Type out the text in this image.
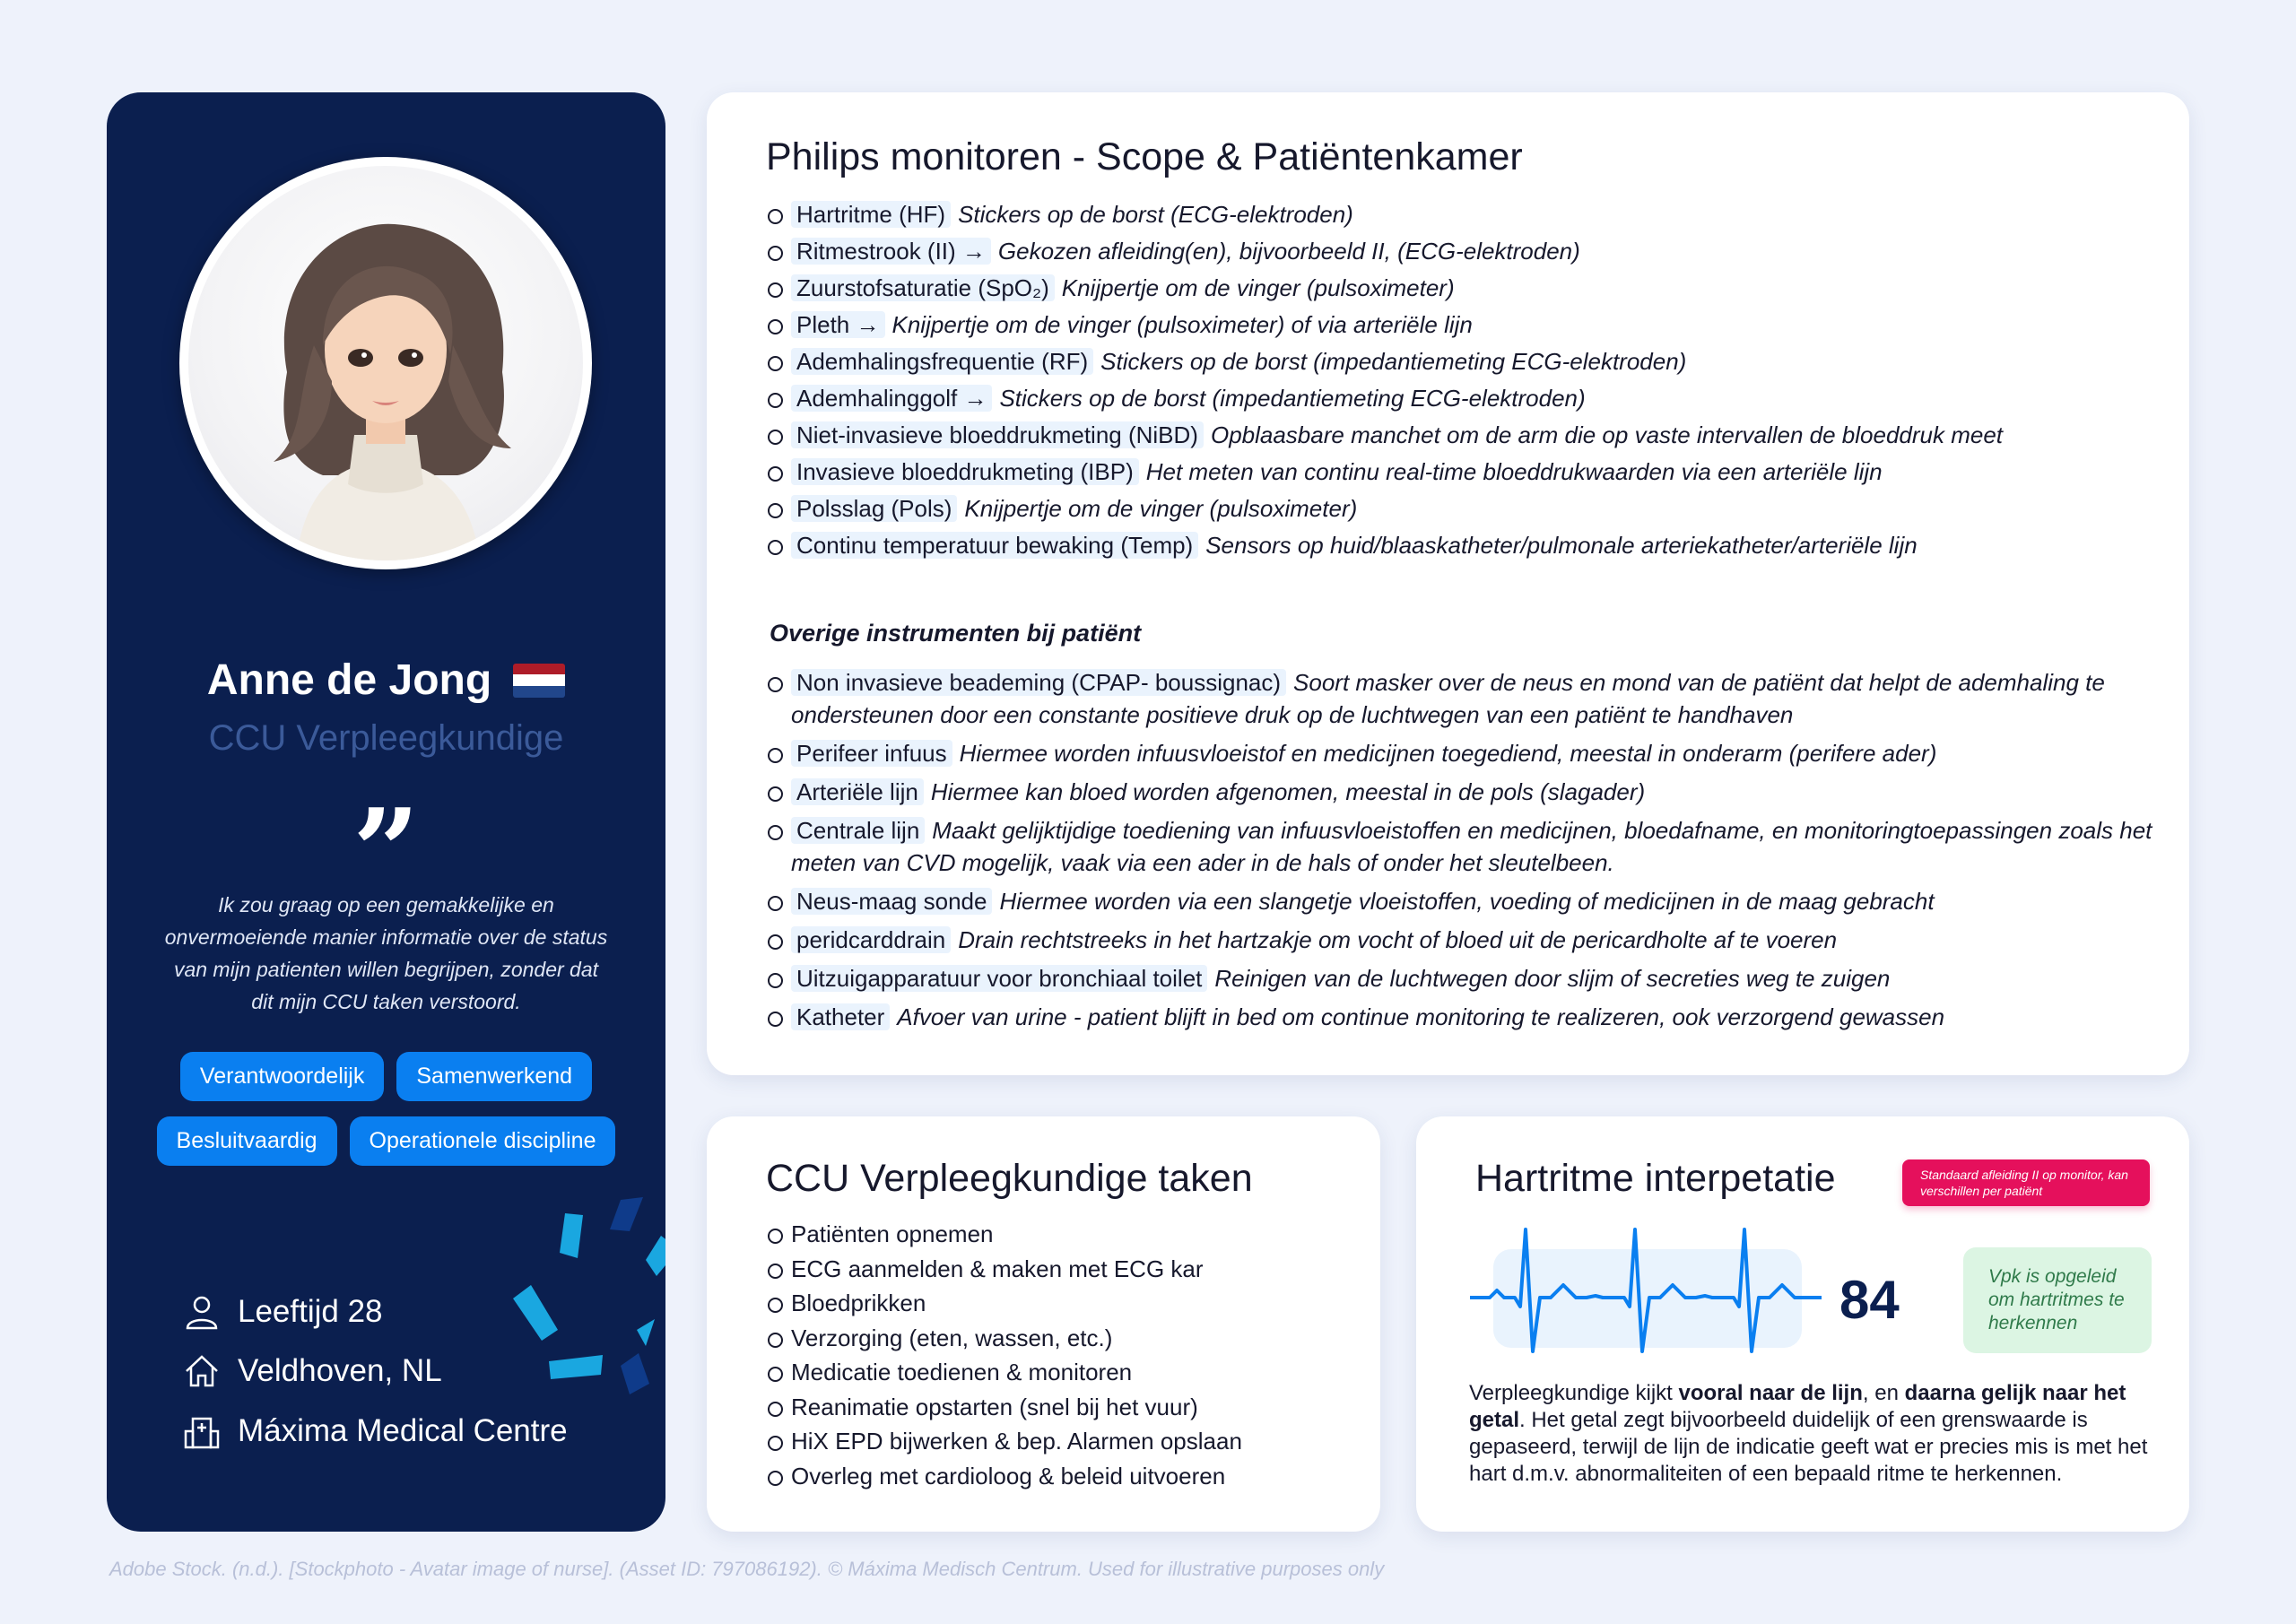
Anne de Jong
CCU Verpleegkundige
”
Ik zou graag op een gemakkelijke en onvermoeiende manier informatie over de status van mijn patienten willen begrijpen, zonder dat dit mijn CCU taken verstoord.
Verantwoordelijk	Samenwerkend
Besluitvaardig	Operationele discipline
Leeftijd 28
Veldhoven, NL
Máxima Medical Centre
Philips monitoren - Scope & Patiëntenkamer
Hartritme (HF) Stickers op de borst (ECG-elektroden)
Ritmestrook (II) → Gekozen afleiding(en), bijvoorbeeld II, (ECG-elektroden)
Zuurstofsaturatie (SpO₂) Knijpertje om de vinger (pulsoximeter)
Pleth → Knijpertje om de vinger (pulsoximeter) of via arteriële lijn
Ademhalingsfrequentie (RF) Stickers op de borst (impedantiemeting ECG-elektroden)
Ademhalinggolf → Stickers op de borst (impedantiemeting ECG-elektroden)
Niet-invasieve bloeddrukmeting (NiBD) Opblaasbare manchet om de arm die op vaste intervallen de bloeddruk meet
Invasieve bloeddrukmeting (IBP) Het meten van continu real-time bloeddrukwaarden via een arteriële lijn
Polsslag (Pols) Knijpertje om de vinger (pulsoximeter)
Continu temperatuur bewaking (Temp) Sensors op huid/blaaskatheter/pulmonale arteriekatheter/arteriële lijn
Overige instrumenten bij patiënt
Non invasieve beademing (CPAP- boussignac) Soort masker over de neus en mond van de patiënt dat helpt de ademhaling te ondersteunen door een constante positieve druk op de luchtwegen van een patiënt te handhaven
Perifeer infuus Hiermee worden infuusvloeistof en medicijnen toegediend, meestal in onderarm (perifere ader)
Arteriële lijn Hiermee kan bloed worden afgenomen, meestal in de pols (slagader)
Centrale lijn Maakt gelijktijdige toediening van infuusvloeistoffen en medicijnen, bloedafname, en monitoringtoepassingen zoals het meten van CVD mogelijk, vaak via een ader in de hals of onder het sleutelbeen.
Neus-maag sonde Hiermee worden via een slangetje vloeistoffen, voeding of medicijnen in de maag gebracht
peridcarddrain Drain rechtstreeks in het hartzakje om vocht of bloed uit de pericardholte af te voeren
Uitzuigapparatuur voor bronchiaal toilet Reinigen van de luchtwegen door slijm of secreties weg te zuigen
Katheter Afvoer van urine - patient blijft in bed om continue monitoring te realizeren, ook verzorgend gewassen
CCU Verpleegkundige taken
Patiënten opnemen
ECG aanmelden & maken met ECG kar
Bloedprikken
Verzorging (eten, wassen, etc.)
Medicatie toedienen & monitoren
Reanimatie opstarten (snel bij het vuur)
HiX EPD bijwerken & bep. Alarmen opslaan
Overleg met cardioloog & beleid uitvoeren
Hartritme interpetatie	Standaard afleiding II op monitor, kan verschillen per patiënt
84	Vpk is opgeleid om hartritmes te herkennen
Verpleegkundige kijkt vooral naar de lijn, en daarna gelijk naar het getal. Het getal zegt bijvoorbeeld duidelijk of een grenswaarde is gepaseerd, terwijl de lijn de indicatie geeft wat er precies mis is met het hart d.m.v. abnormaliteiten of een bepaald ritme te herkennen.
Adobe Stock. (n.d.). [Stockphoto - Avatar image of nurse]. (Asset ID: 797086192). © Máxima Medisch Centrum. Used for illustrative purposes only
